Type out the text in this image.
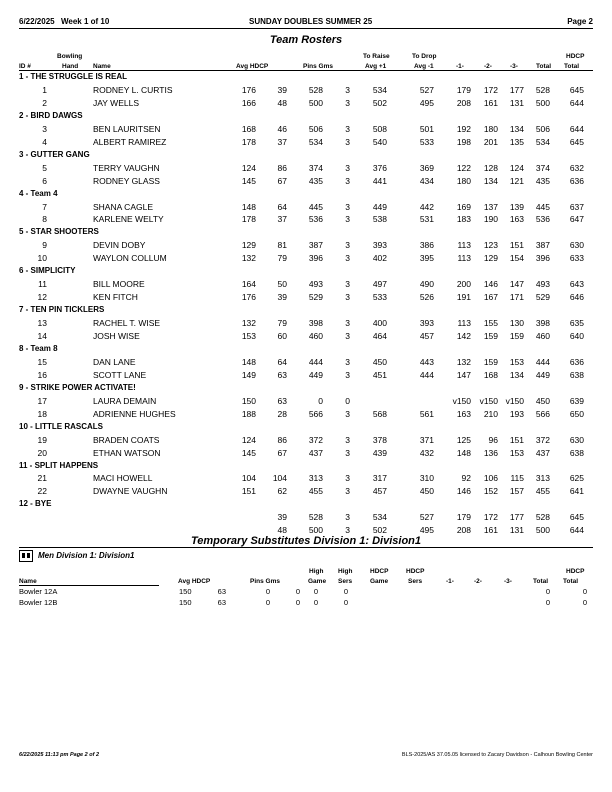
6/22/2025 Week 1 of 10	SUNDAY DOUBLES SUMMER 25	Page 2
Team Rosters
Bowling
ID #	Hand Name	Avg HDCP	Pins Gms
To Raise
Avg +1
To Drop
Avg -1	-1-	-2-	-3-	Total
HDCP
Total
1 - THE STRUGGLE IS REAL
1	RODNEY L. CURTIS	176	39	528	3	534	527	179 172 177 528 645
2	JAY WELLS	166	48	500	3	502	495	208 161 131 500 644
2 - BIRD DAWGS
3	BEN LAURITSEN	168	46	506	3	508	501	192 180 134 506 644
4	ALBERT RAMIREZ	178	37	534	3	540	533	198 201 135 534 645
3 - GUTTER GANG
5	TERRY VAUGHN	124	86	374	3	376	369	122 128 124 374 632
6	RODNEY GLASS	145	67	435	3	441	434	180 134 121 435 636
4 - Team 4
7	SHANA CAGLE	148	64	445	3	449	442	169 137 139 445 637
8	KARLENE WELTY	178	37	536	3	538	531	183 190 163 536 647
5 - STAR SHOOTERS
9	DEVIN DOBY	129	81	387	3	393	386	113 123 151 387 630
10	WAYLON COLLUM	132	79	396	3	402	395	113 129 154 396 633
6 - SIMPLICITY
11	BILL MOORE	164	50	493	3	497	490	200 146 147 493 643
12	KEN FITCH	176	39	529	3	533	526	191 167 171 529 646
7 - TEN PIN TICKLERS
13	RACHEL T. WISE	132	79	398	3	400	393	113 155 130 398 635
14	JOSH WISE	153	60	460	3	464	457	142 159 159 460 640
8 - Team 8
15	DAN LANE	148	64	444	3	450	443	132 159 153 444 636
16	SCOTT LANE	149	63	449	3	451	444	147 168 134 449 638
9 - STRIKE POWER ACTIVATE!
17	LAURA DEMAIN	150	63	0	0	v150 v150 v150 450 639
18	ADRIENNE HUGHES	188	28	566	3	568	561	163 210 193 566 650
10 - LITTLE RASCALS
19	BRADEN COATS	124	86	372	3	378	371	125 96 151 372 630
20	ETHAN WATSON	145	67	437	3	439	432	148 136 153 437 638
11 - SPLIT HAPPENS
21	MACI HOWELL	104 104	313	3	317	310	92 106 115 313 625
22	DWAYNE VAUGHN	151	62	455	3	457	450	146 152 157 455 641
12 - BYE
39	528	3	534	527	179 172 177 528 645
48	500	3	502	495	208 161 131 500 644
Temporary Substitutes Division 1: Division1
Men Division 1: Division1
High
Game
High
Sers
HDCP
Game
HDCP
Sers
HDCP
Name	Avg HDCP	Pins Gms	-1-	-2-	-3-	Total Total
Bowler 12A	150	63	0	0 0	0	0	0
Bowler 12B	150	63	0	0 0	0	0	0
6/22/2025 11:13 pm Page 2 of 2	BLS-2025/AS 37.05.05 licensed to Zacary Davidson - Calhoun Bowling Center
